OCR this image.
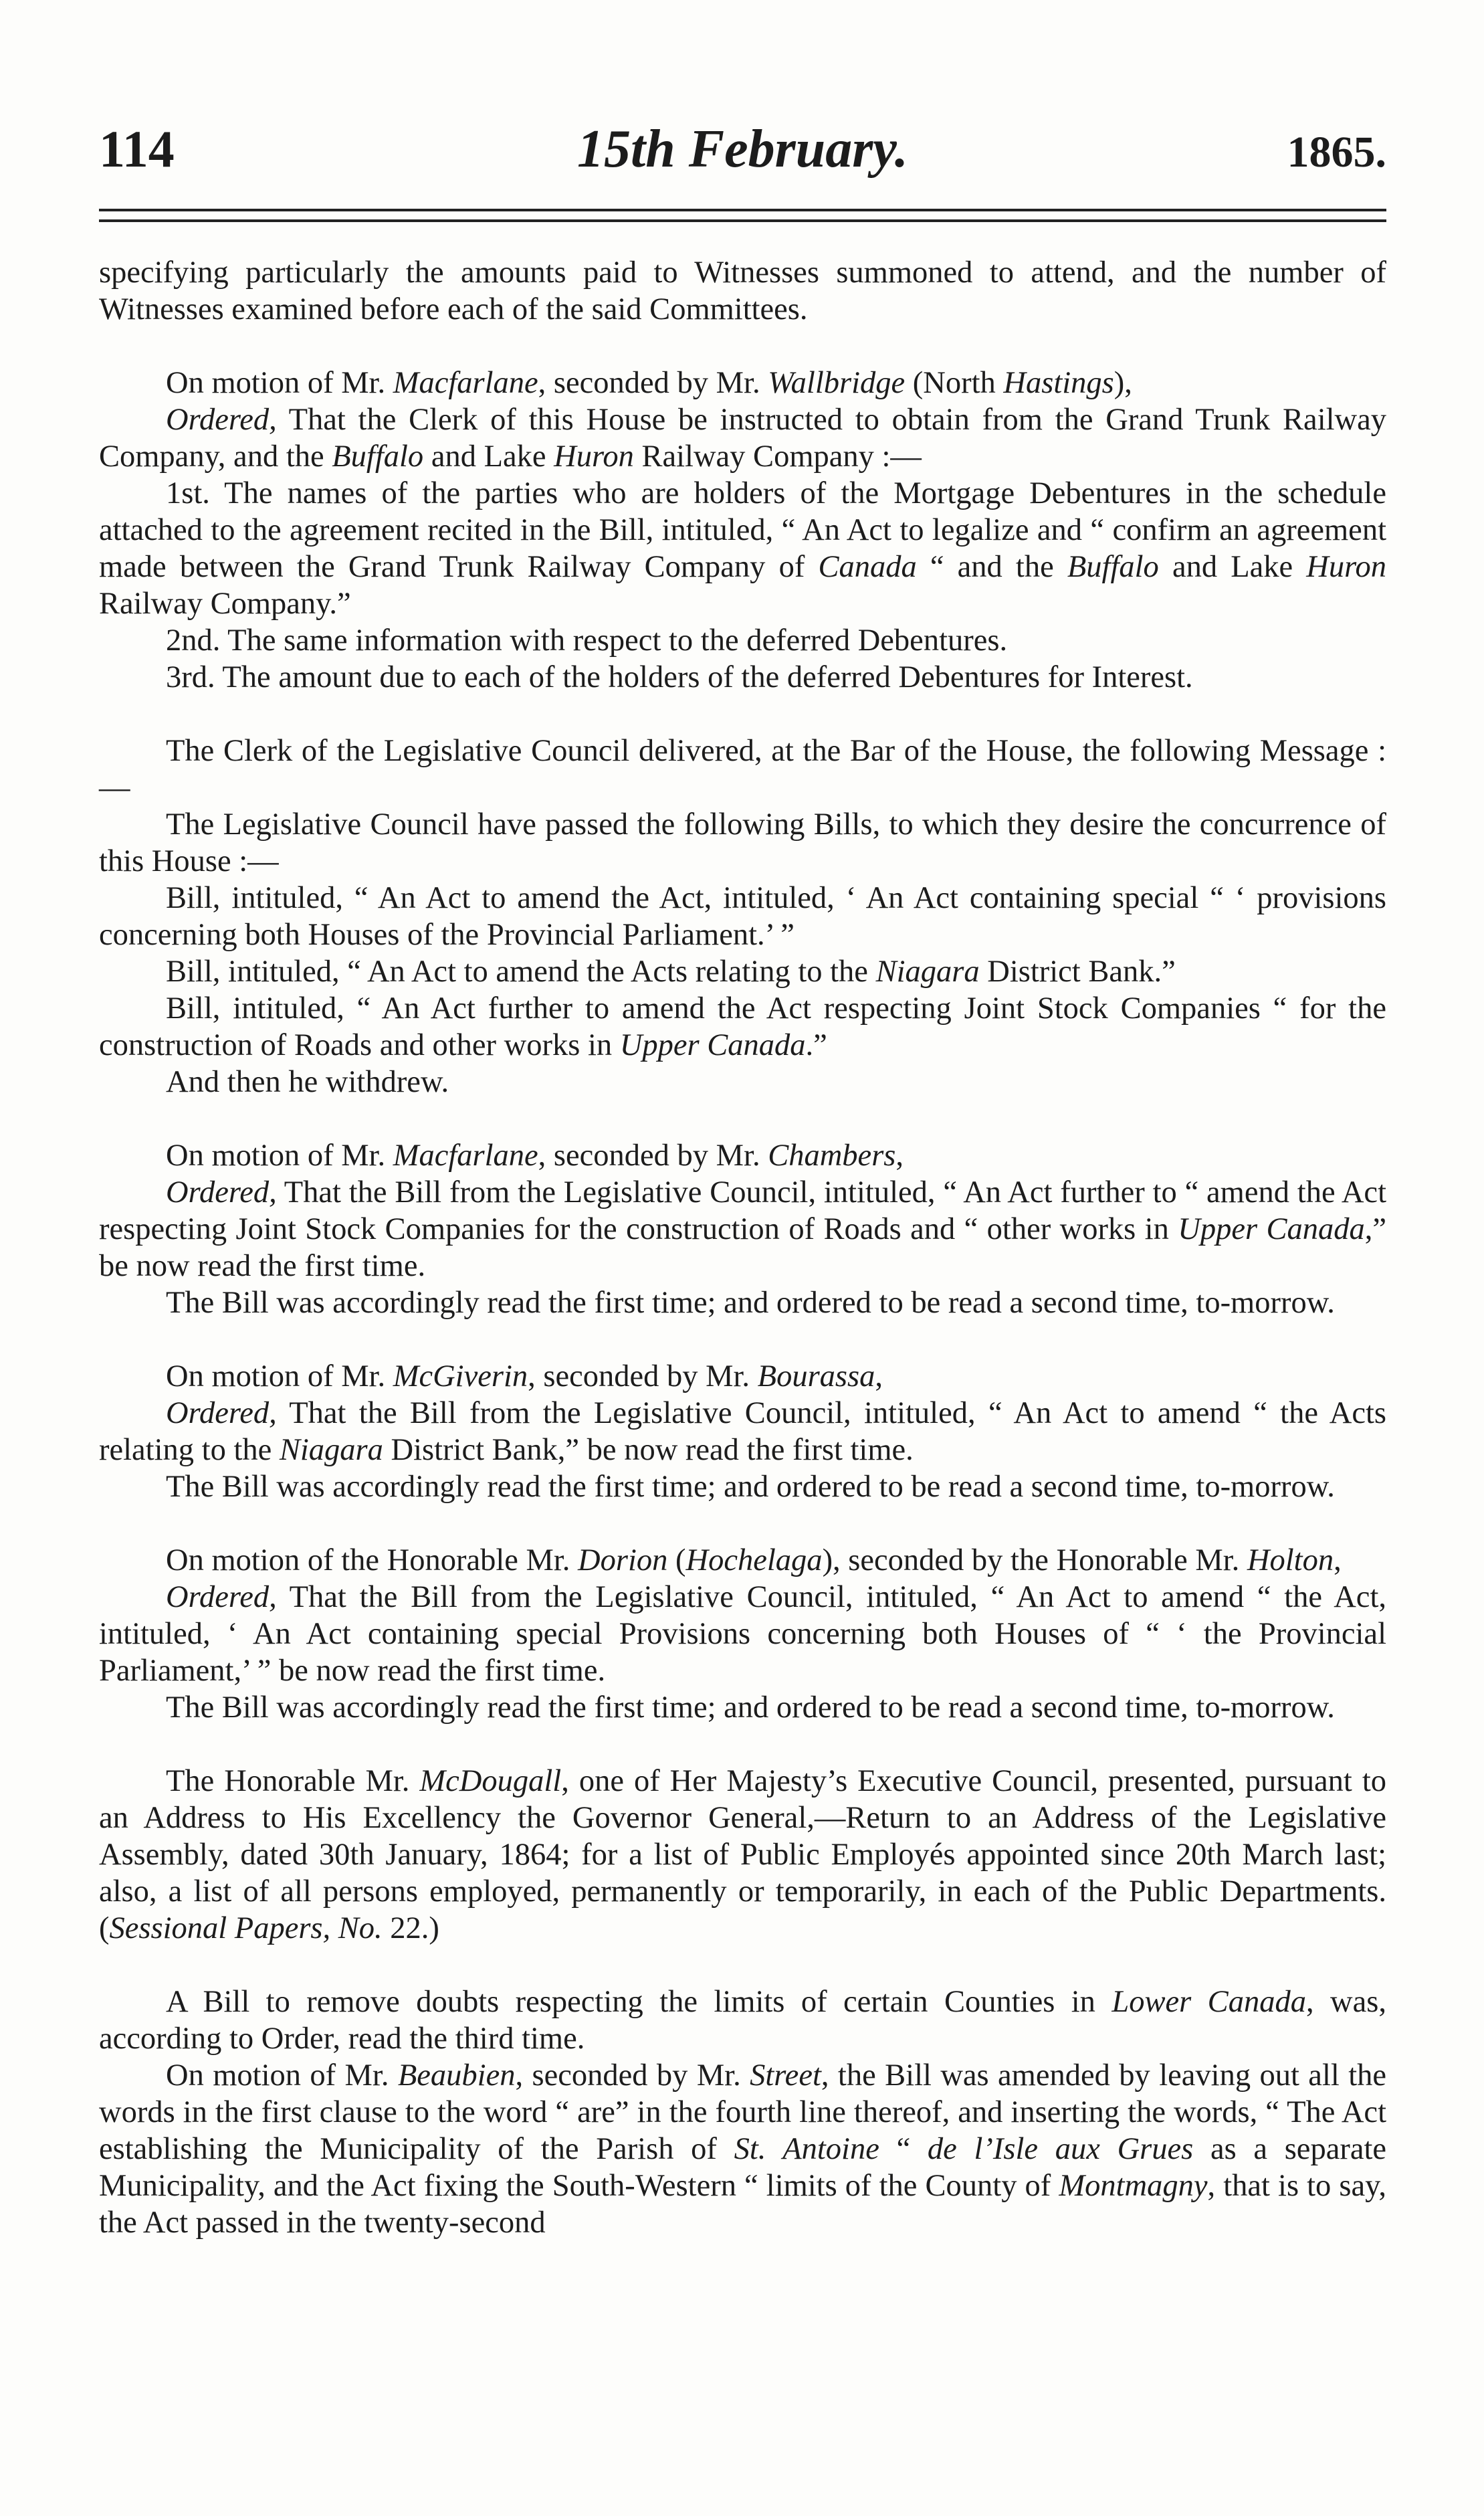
114	15th February.	1865.

specifying particularly the amounts paid to Witnesses summoned to attend, and the number of Witnesses examined before each of the said Committees.

On motion of Mr. Macfarlane, seconded by Mr. Wallbridge (North Hastings),

Ordered, That the Clerk of this House be instructed to obtain from the Grand Trunk Railway Company, and the Buffalo and Lake Huron Railway Company :—

1st. The names of the parties who are holders of the Mortgage Debentures in the schedule attached to the agreement recited in the Bill, intituled, “ An Act to legalize and “ confirm an agreement made between the Grand Trunk Railway Company of Canada “ and the Buffalo and Lake Huron Railway Company.”

2nd. The same information with respect to the deferred Debentures.

3rd. The amount due to each of the holders of the deferred Debentures for Interest.

The Clerk of the Legislative Council delivered, at the Bar of the House, the following Message :—

The Legislative Council have passed the following Bills, to which they desire the concurrence of this House :—

Bill, intituled, “ An Act to amend the Act, intituled, ‘ An Act containing special “ ‘ provisions concerning both Houses of the Provincial Parliament.’ ”

Bill, intituled, “ An Act to amend the Acts relating to the Niagara District Bank.”

Bill, intituled, “ An Act further to amend the Act respecting Joint Stock Companies “ for the construction of Roads and other works in Upper Canada.”

And then he withdrew.

On motion of Mr. Macfarlane, seconded by Mr. Chambers,

Ordered, That the Bill from the Legislative Council, intituled, “ An Act further to “ amend the Act respecting Joint Stock Companies for the construction of Roads and “ other works in Upper Canada,” be now read the first time.

The Bill was accordingly read the first time; and ordered to be read a second time, to-morrow.

On motion of Mr. McGiverin, seconded by Mr. Bourassa,

Ordered, That the Bill from the Legislative Council, intituled, “ An Act to amend “ the Acts relating to the Niagara District Bank,” be now read the first time.

The Bill was accordingly read the first time; and ordered to be read a second time, to-morrow.

On motion of the Honorable Mr. Dorion (Hochelaga), seconded by the Honorable Mr. Holton,

Ordered, That the Bill from the Legislative Council, intituled, “ An Act to amend “ the Act, intituled, ‘ An Act containing special Provisions concerning both Houses of “ ‘ the Provincial Parliament,’ ” be now read the first time.

The Bill was accordingly read the first time; and ordered to be read a second time, to-morrow.

The Honorable Mr. McDougall, one of Her Majesty’s Executive Council, presented, pursuant to an Address to His Excellency the Governor General,—Return to an Address of the Legislative Assembly, dated 30th January, 1864; for a list of Public Employés appointed since 20th March last; also, a list of all persons employed, permanently or temporarily, in each of the Public Departments. (Sessional Papers, No. 22.)

A Bill to remove doubts respecting the limits of certain Counties in Lower Canada, was, according to Order, read the third time.

On motion of Mr. Beaubien, seconded by Mr. Street, the Bill was amended by leaving out all the words in the first clause to the word “ are” in the fourth line thereof, and inserting the words, “ The Act establishing the Municipality of the Parish of St. Antoine “ de l’Isle aux Grues as a separate Municipality, and the Act fixing the South-Western “ limits of the County of Montmagny, that is to say, the Act passed in the twenty-second
